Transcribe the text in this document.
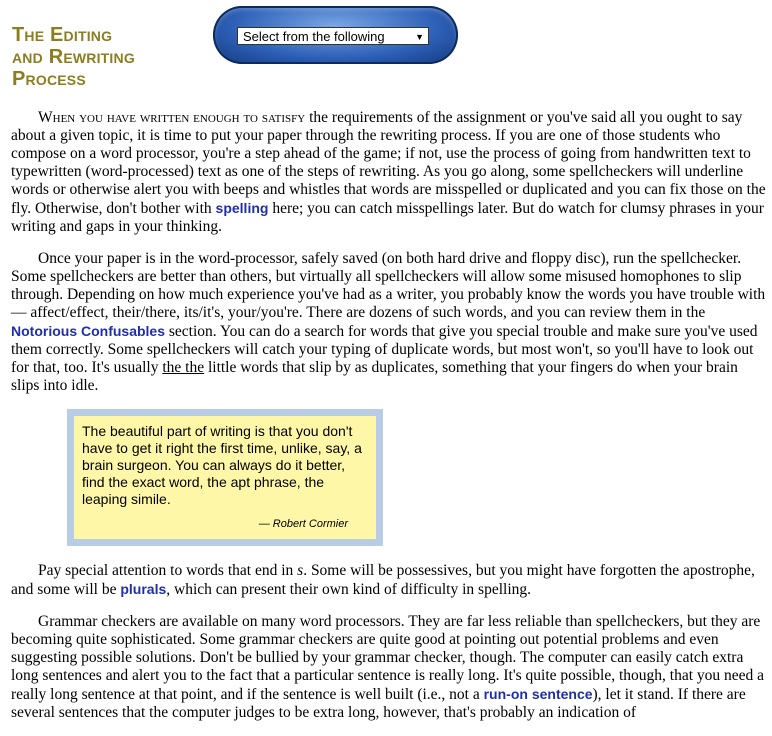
The Editing
and Rewriting
Process
Select from the following	▼

When you have written enough to satisfy the requirements of the assignment or you've said all you ought to say about a given topic, it is time to put your paper through the rewriting process. If you are one of those students who compose on a word processor, you're a step ahead of the game; if not, use the process of going from handwritten text to typewritten (word-processed) text as one of the steps of rewriting. As you go along, some spellcheckers will underline words or otherwise alert you with beeps and whistles that words are misspelled or duplicated and you can fix those on the fly. Otherwise, don't bother with spelling here; you can catch misspellings later. But do watch for clumsy phrases in your writing and gaps in your thinking.

Once your paper is in the word-processor, safely saved (on both hard drive and floppy disc), run the spellchecker. Some spellcheckers are better than others, but virtually all spellcheckers will allow some misused homophones to slip through. Depending on how much experience you've had as a writer, you probably know the words you have trouble with — affect/effect, their/there, its/it's, your/you're. There are dozens of such words, and you can review them in the Notorious Confusables section. You can do a search for words that give you special trouble and make sure you've used them correctly. Some spellcheckers will catch your typing of duplicate words, but most won't, so you'll have to look out for that, too. It's usually the the little words that slip by as duplicates, something that your fingers do when your brain slips into idle.

The beautiful part of writing is that you don't have to get it right the first time, unlike, say, a brain surgeon. You can always do it better, find the exact word, the apt phrase, the leaping simile.
— Robert Cormier

Pay special attention to words that end in s. Some will be possessives, but you might have forgotten the apostrophe, and some will be plurals, which can present their own kind of difficulty in spelling.

Grammar checkers are available on many word processors. They are far less reliable than spellcheckers, but they are becoming quite sophisticated. Some grammar checkers are quite good at pointing out potential problems and even suggesting possible solutions. Don't be bullied by your grammar checker, though. The computer can easily catch extra long sentences and alert you to the fact that a particular sentence is really long. It's quite possible, though, that you need a really long sentence at that point, and if the sentence is well built (i.e., not a run-on sentence), let it stand. If there are several sentences that the computer judges to be extra long, however, that's probably an indication of
